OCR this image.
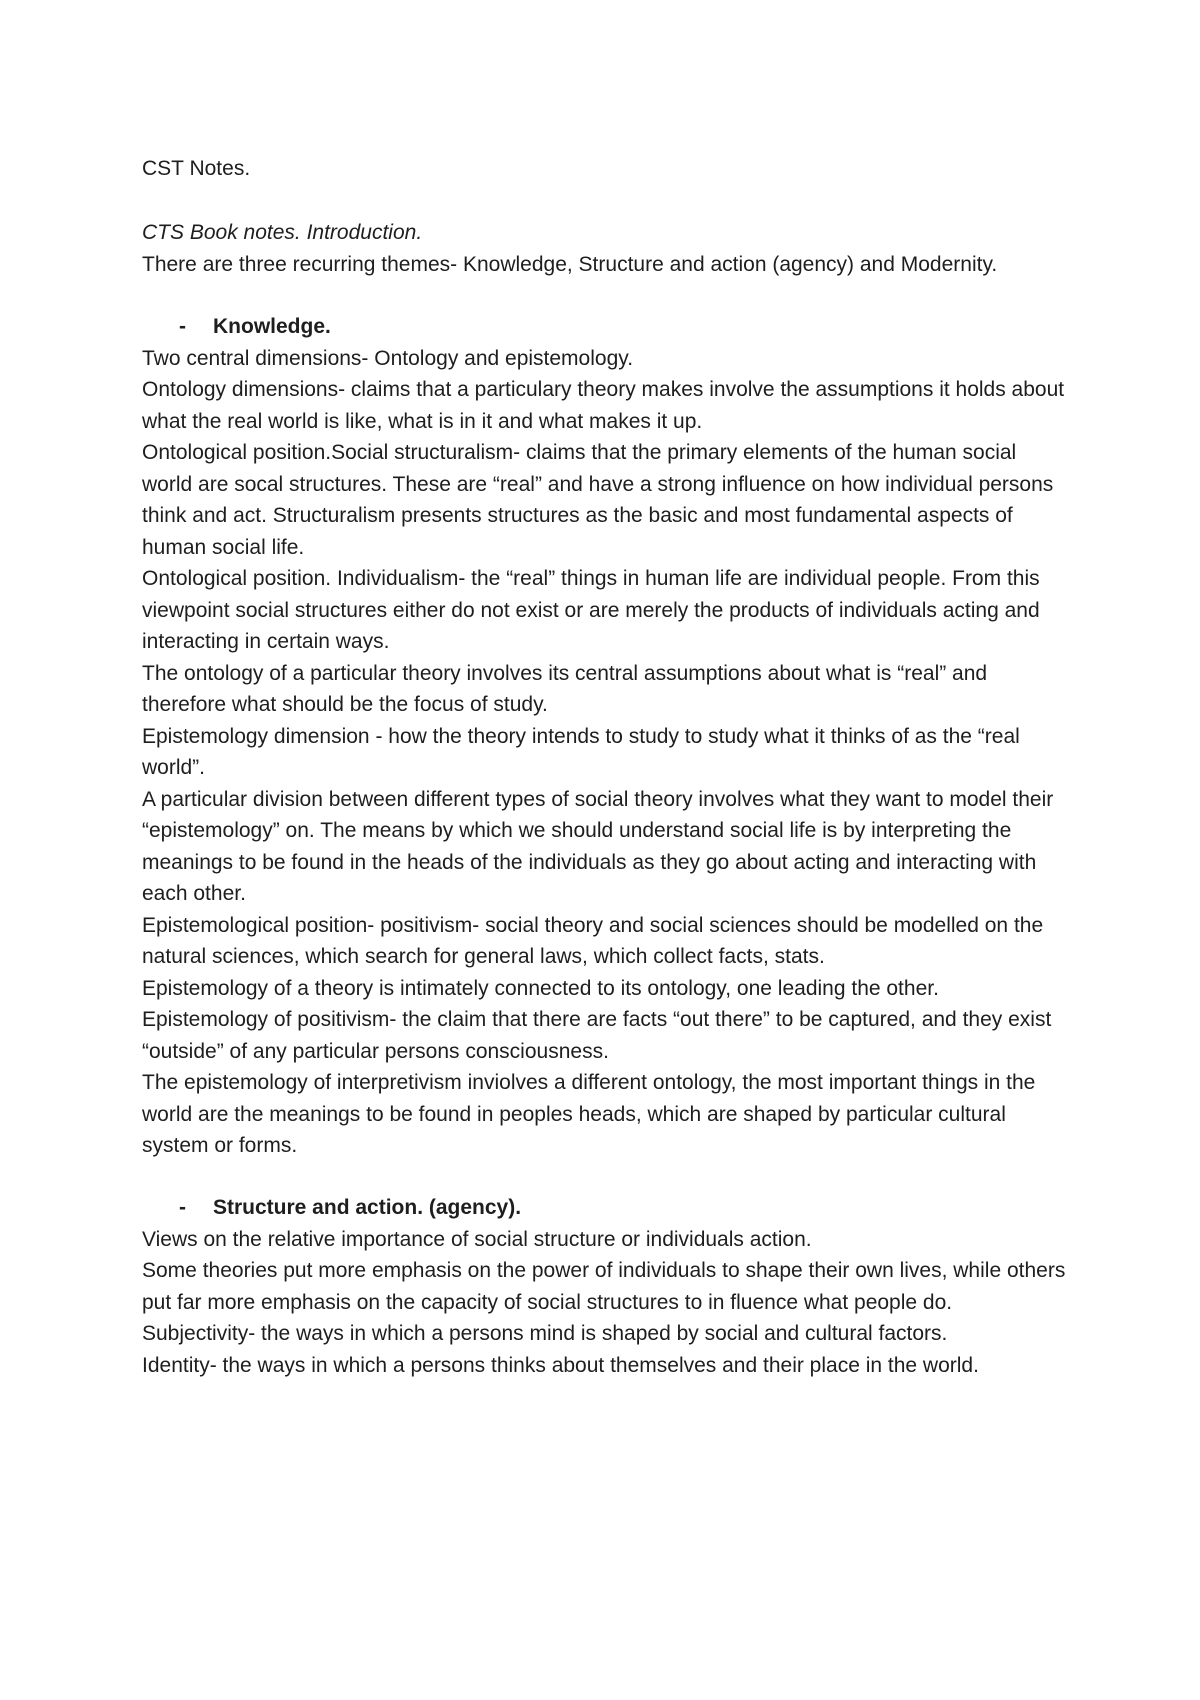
CST Notes.
CTS Book notes. Introduction.

There are three recurring themes- Knowledge, Structure and action (agency) and Modernity.

-	Knowledge.

Two central dimensions- Ontology and epistemology.

Ontology dimensions- claims that a particulary theory makes involve the assumptions it holds about what the real world is like, what is in it and what makes it up.

Ontological position.Social structuralism- claims that the primary elements of the human social world are socal structures. These are “real” and have a strong influence on how individual persons think and act. Structuralism presents structures as the basic and most fundamental aspects of human social life.

Ontological position. Individualism- the “real” things in human life are individual people. From this viewpoint social structures either do not exist or are merely the products of individuals acting and interacting in certain ways.

The ontology of a particular theory involves its central assumptions about what is “real” and therefore what should be the focus of study.

Epistemology dimension - how the theory intends to study to study what it thinks of as the “real world”.

A particular division between different types of social theory involves what they want to model their “epistemology” on. The means by which we should understand social life is by interpreting the meanings to be found in the heads of the individuals as they go about acting and interacting with each other.

Epistemological position- positivism- social theory and social sciences should be modelled on the natural sciences, which search for general laws, which collect facts, stats.

Epistemology of a theory is intimately connected to its ontology, one leading the other.

Epistemology of positivism- the claim that there are facts “out there” to be captured, and they exist “outside” of any particular persons consciousness.

The epistemology of interpretivism inviolves a different ontology, the most important things in the world are the meanings to be found in peoples heads, which are shaped by particular cultural system or forms.

-	Structure and action. (agency).

Views on the relative importance of social structure or individuals action.

Some theories put more emphasis on the power of individuals to shape their own lives, while others put far more emphasis on the capacity of social structures to in fluence what people do.

Subjectivity- the ways in which a persons mind is shaped by social and cultural factors.

Identity- the ways in which a persons thinks about themselves and their place in the world.
